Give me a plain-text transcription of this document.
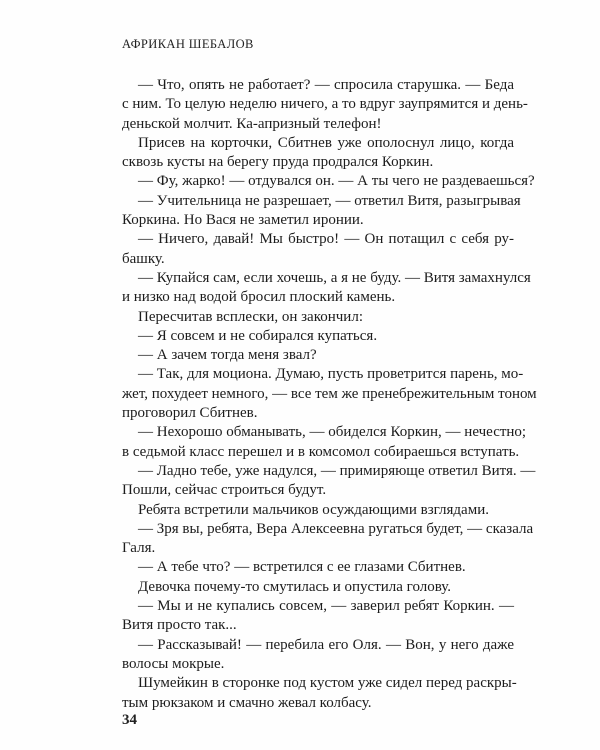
АФРИКАН ШЕБАЛОВ
— Что, опять не работает? — спросила старушка. — Беда
с ним. То целую неделю ничего, а то вдруг заупрямится и день-
деньской молчит. Ка-апризный телефон!
Присев на корточки, Сбитнев уже ополоснул лицо, когда
сквозь кусты на берегу пруда продрался Коркин.
— Фу, жарко! — отдувался он. — А ты чего не раздеваешься?
— Учительница не разрешает, — ответил Витя, разыгрывая
Коркина. Но Вася не заметил иронии.
— Ничего, давай! Мы быстро! — Он потащил с себя ру-
башку.
— Купайся сам, если хочешь, а я не буду. — Витя замахнулся
и низко над водой бросил плоский камень.
Пересчитав всплески, он закончил:
— Я совсем и не собирался купаться.
— А зачем тогда меня звал?
— Так, для моциона. Думаю, пусть проветрится парень, мо-
жет, похудеет немного, — все тем же пренебрежительным тоном
проговорил Сбитнев.
— Нехорошо обманывать, — обиделся Коркин, — нечестно;
в седьмой класс перешел и в комсомол собираешься вступать.
— Ладно тебе, уже надулся, — примиряюще ответил Витя. —
Пошли, сейчас строиться будут.
Ребята встретили мальчиков осуждающими взглядами.
— Зря вы, ребята, Вера Алексеевна ругаться будет, — сказала
Галя.
— А тебе что? — встретился с ее глазами Сбитнев.
Девочка почему-то смутилась и опустила голову.
— Мы и не купались совсем, — заверил ребят Коркин. —
Витя просто так...
— Рассказывай! — перебила его Оля. — Вон, у него даже
волосы мокрые.
Шумейкин в сторонке под кустом уже сидел перед раскры-
тым рюкзаком и смачно жевал колбасу.
34
